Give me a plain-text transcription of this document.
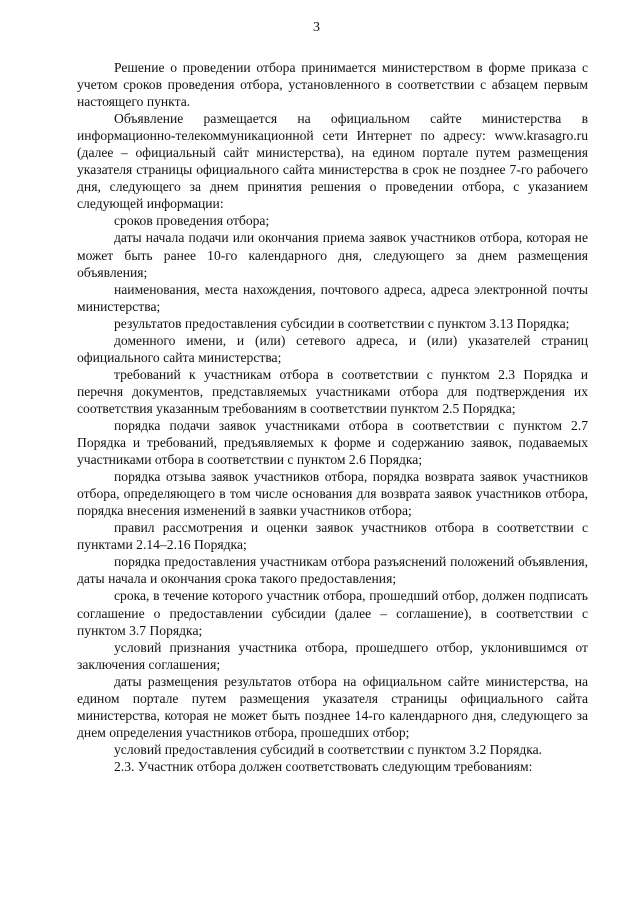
3

Решение о проведении отбора принимается министерством в форме приказа с учетом сроков проведения отбора, установленного в соответствии с абзацем первым настоящего пункта.

Объявление размещается на официальном сайте министерства в информационно-телекоммуникационной сети Интернет по адресу: www.krasagro.ru (далее – официальный сайт министерства), на едином портале путем размещения указателя страницы официального сайта министерства в срок не позднее 7-го рабочего дня, следующего за днем принятия решения о проведении отбора, с указанием следующей информации:

сроков проведения отбора;

даты начала подачи или окончания приема заявок участников отбора, которая не может быть ранее 10-го календарного дня, следующего за днем размещения объявления;

наименования, места нахождения, почтового адреса, адреса электронной почты министерства;

результатов предоставления субсидии в соответствии с пунктом 3.13 Порядка;

доменного имени, и (или) сетевого адреса, и (или) указателей страниц официального сайта министерства;

требований к участникам отбора в соответствии с пунктом 2.3 Порядка и перечня документов, представляемых участниками отбора для подтверждения их соответствия указанным требованиям в соответствии пунктом 2.5 Порядка;

порядка подачи заявок участниками отбора в соответствии с пунктом 2.7 Порядка и требований, предъявляемых к форме и содержанию заявок, подаваемых участниками отбора в соответствии с пунктом 2.6 Порядка;

порядка отзыва заявок участников отбора, порядка возврата заявок участников отбора, определяющего в том числе основания для возврата заявок участников отбора, порядка внесения изменений в заявки участников отбора;

правил рассмотрения и оценки заявок участников отбора в соответствии с пунктами 2.14–2.16 Порядка;

порядка предоставления участникам отбора разъяснений положений объявления, даты начала и окончания срока такого предоставления;

срока, в течение которого участник отбора, прошедший отбор, должен подписать соглашение о предоставлении субсидии (далее – соглашение), в соответствии с пунктом 3.7 Порядка;

условий признания участника отбора, прошедшего отбор, уклонившимся от заключения соглашения;

даты размещения результатов отбора на официальном сайте министерства, на едином портале путем размещения указателя страницы официального сайта министерства, которая не может быть позднее 14-го календарного дня, следующего за днем определения участников отбора, прошедших отбор;

условий предоставления субсидий в соответствии с пунктом 3.2 Порядка.

2.3. Участник отбора должен соответствовать следующим требованиям:
